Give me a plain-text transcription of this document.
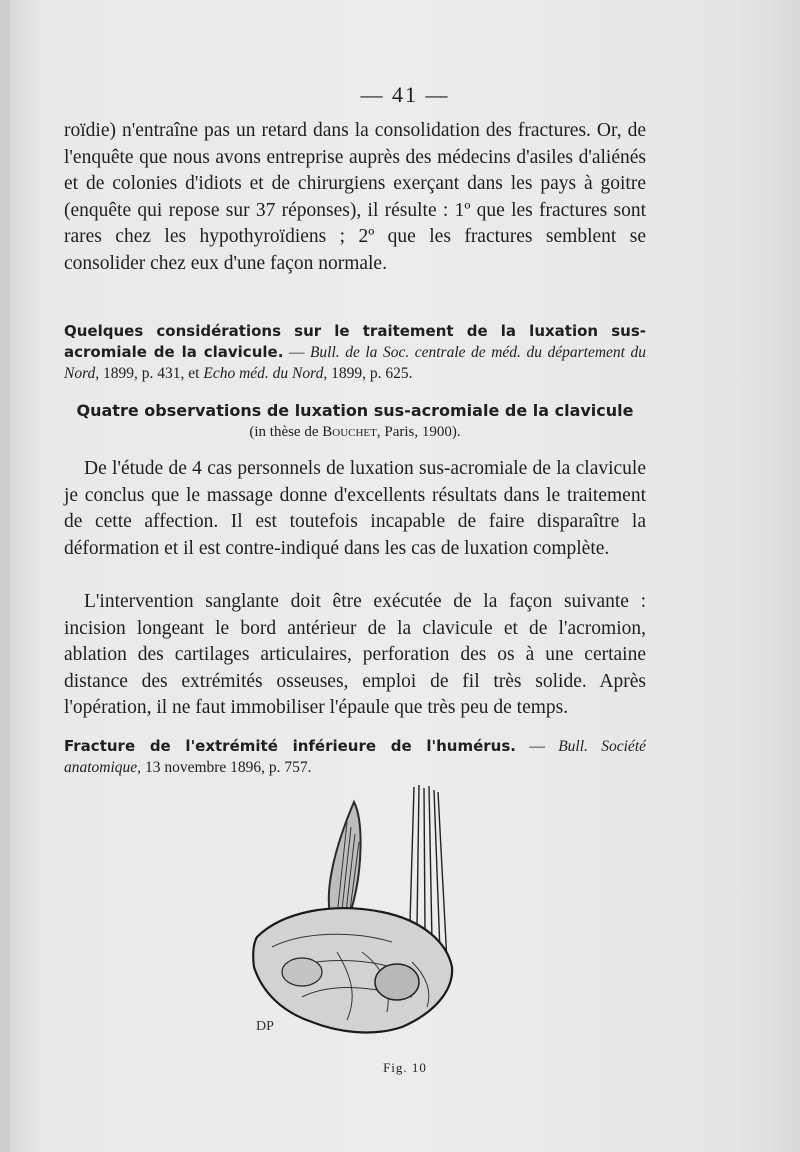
— 41 —

roïdie) n'entraîne pas un retard dans la consolidation des fractures. Or, de l'enquête que nous avons entreprise auprès des médecins d'asiles d'aliénés et de colonies d'idiots et de chirurgiens exerçant dans les pays à goitre (enquête qui repose sur 37 réponses), il résulte : 1º que les fractures sont rares chez les hypothyroïdiens ; 2º que les fractures semblent se consolider chez eux d'une façon normale.

Quelques considérations sur le traitement de la luxation sus-acromiale de la clavicule. — Bull. de la Soc. centrale de méd. du département du Nord, 1899, p. 431, et Echo méd. du Nord, 1899, p. 625.

Quatre observations de luxation sus-acromiale de la clavicule

(in thèse de Bouchet, Paris, 1900).

De l'étude de 4 cas personnels de luxation sus-acromiale de la clavicule je conclus que le massage donne d'excellents résultats dans le traitement de cette affection. Il est toutefois incapable de faire disparaître la déformation et il est contre-indiqué dans les cas de luxation complète.

L'intervention sanglante doit être exécutée de la façon suivante : incision longeant le bord antérieur de la clavicule et de l'acromion, ablation des cartilages articulaires, perforation des os à une certaine distance des extrémités osseuses, emploi de fil très solide. Après l'opération, il ne faut immobiliser l'épaule que très peu de temps.

Fracture de l'extrémité inférieure de l'humérus. — Bull. Société anatomique, 13 novembre 1896, p. 757.

DP
Fig. 10
